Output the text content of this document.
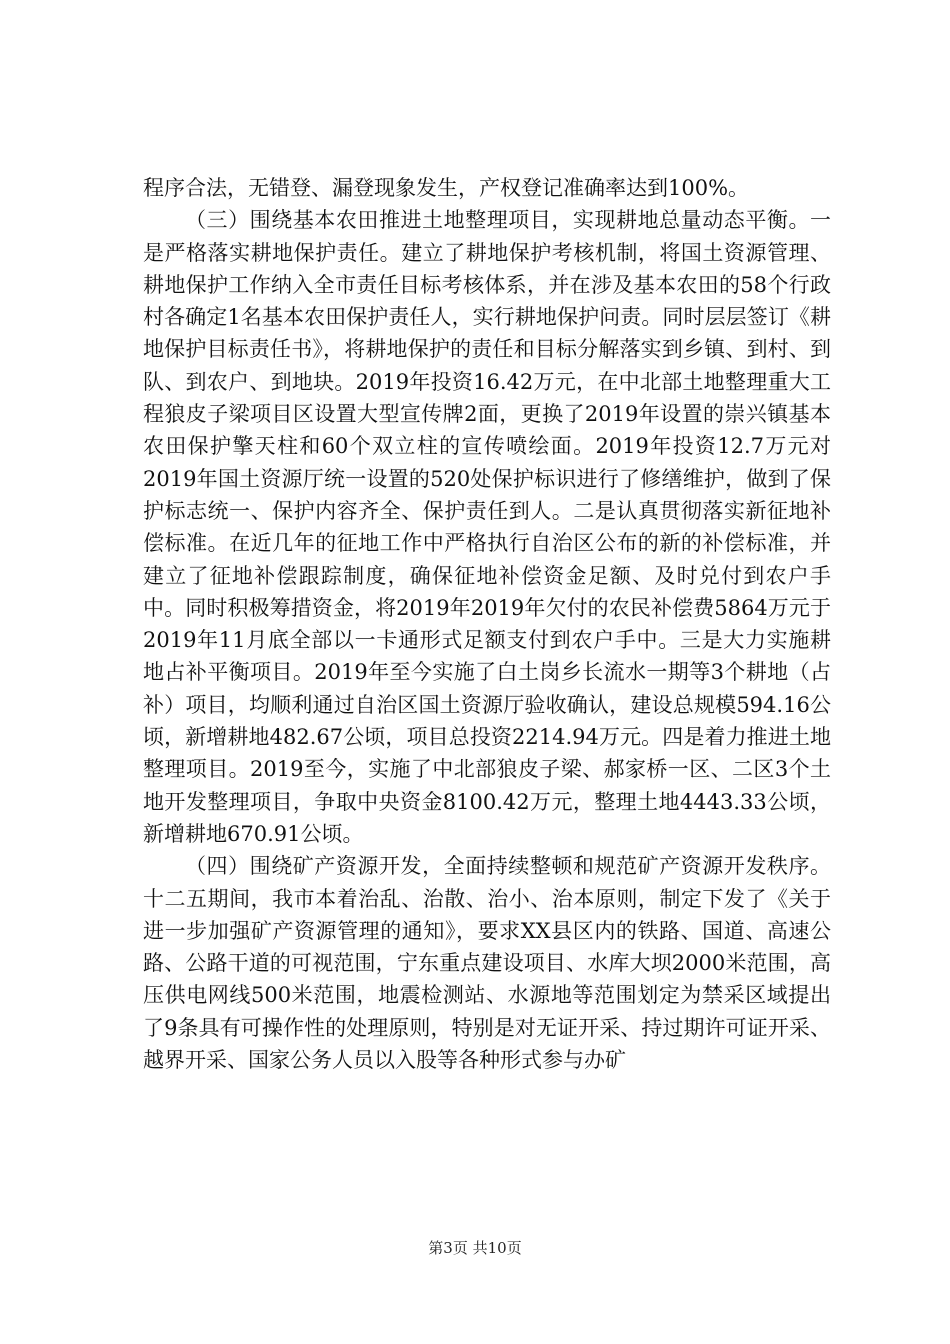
程序合法，无错登、漏登现象发生，产权登记准确率达到100%。

（三）围绕基本农田推进土地整理项目，实现耕地总量动态平衡。一是严格落实耕地保护责任。建立了耕地保护考核机制，将国土资源管理、耕地保护工作纳入全市责任目标考核体系，并在涉及基本农田的58个行政村各确定1名基本农田保护责任人，实行耕地保护问责。同时层层签订《耕地保护目标责任书》，将耕地保护的责任和目标分解落实到乡镇、到村、到队、到农户、到地块。2019年投资16.42万元，在中北部土地整理重大工程狼皮子梁项目区设置大型宣传牌2面，更换了2019年设置的崇兴镇基本农田保护擎天柱和60个双立柱的宣传喷绘面。2019年投资12.7万元对2019年国土资源厅统一设置的520处保护标识进行了修缮维护，做到了保护标志统一、保护内容齐全、保护责任到人。二是认真贯彻落实新征地补偿标准。在近几年的征地工作中严格执行自治区公布的新的补偿标准，并建立了征地补偿跟踪制度，确保征地补偿资金足额、及时兑付到农户手中。同时积极筹措资金，将2019年2019年欠付的农民补偿费5864万元于2019年11月底全部以一卡通形式足额支付到农户手中。三是大力实施耕地占补平衡项目。2019年至今实施了白土岗乡长流水一期等3个耕地（占补）项目，均顺利通过自治区国土资源厅验收确认，建设总规模594.16公顷，新增耕地482.67公顷，项目总投资2214.94万元。四是着力推进土地整理项目。2019至今，实施了中北部狼皮子梁、郝家桥一区、二区3个土地开发整理项目，争取中央资金8100.42万元，整理土地4443.33公顷，新增耕地670.91公顷。

（四）围绕矿产资源开发，全面持续整顿和规范矿产资源开发秩序。十二五期间，我市本着治乱、治散、治小、治本原则，制定下发了《关于进一步加强矿产资源管理的通知》，要求XX县区内的铁路、国道、高速公路、公路干道的可视范围，宁东重点建设项目、水库大坝2000米范围，高压供电网线500米范围，地震检测站、水源地等范围划定为禁采区域提出了9条具有可操作性的处理原则，特别是对无证开采、持过期许可证开采、越界开采、国家公务人员以入股等各种形式参与办矿

第3页 共10页
